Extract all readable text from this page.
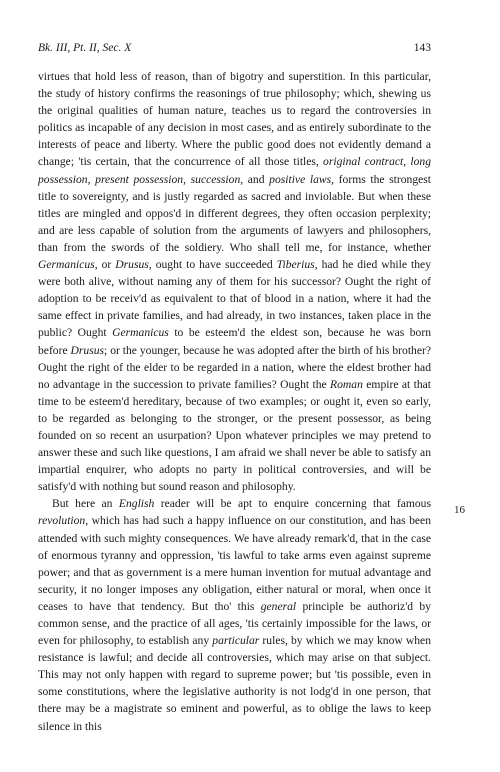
Bk. III, Pt. II, Sec. X	143
16

virtues that hold less of reason, than of bigotry and superstition. In this particular, the study of history confirms the reasonings of true philosophy; which, shewing us the original qualities of human nature, teaches us to regard the controversies in politics as incapable of any decision in most cases, and as entirely subordinate to the interests of peace and liberty. Where the public good does not evidently demand a change; 'tis certain, that the concurrence of all those titles, original contract, long possession, present possession, succession, and positive laws, forms the strongest title to sovereignty, and is justly regarded as sacred and inviolable. But when these titles are mingled and oppos'd in different degrees, they often occasion perplexity; and are less capable of solution from the arguments of lawyers and philosophers, than from the swords of the soldiery. Who shall tell me, for instance, whether Germanicus, or Drusus, ought to have succeeded Tiberius, had he died while they were both alive, without naming any of them for his successor? Ought the right of adoption to be receiv'd as equivalent to that of blood in a nation, where it had the same effect in private families, and had already, in two instances, taken place in the public? Ought Germanicus to be esteem'd the eldest son, because he was born before Drusus; or the younger, because he was adopted after the birth of his brother? Ought the right of the elder to be regarded in a nation, where the eldest brother had no advantage in the succession to private families? Ought the Roman empire at that time to be esteem'd hereditary, because of two examples; or ought it, even so early, to be regarded as belonging to the stronger, or the present possessor, as being founded on so recent an usurpation? Upon whatever principles we may pretend to answer these and such like questions, I am afraid we shall never be able to satisfy an impartial enquirer, who adopts no party in political controversies, and will be satisfy'd with nothing but sound reason and philosophy.

But here an English reader will be apt to enquire concerning that famous revolution, which has had such a happy influence on our constitution, and has been attended with such mighty consequences. We have already remark'd, that in the case of enormous tyranny and oppression, 'tis lawful to take arms even against supreme power; and that as government is a mere human invention for mutual advantage and security, it no longer imposes any obligation, either natural or moral, when once it ceases to have that tendency. But tho' this general principle be authoriz'd by common sense, and the practice of all ages, 'tis certainly impossible for the laws, or even for philosophy, to establish any particular rules, by which we may know when resistance is lawful; and decide all controversies, which may arise on that subject. This may not only happen with regard to supreme power; but 'tis possible, even in some constitutions, where the legislative authority is not lodg'd in one person, that there may be a magistrate so eminent and powerful, as to oblige the laws to keep silence in this
